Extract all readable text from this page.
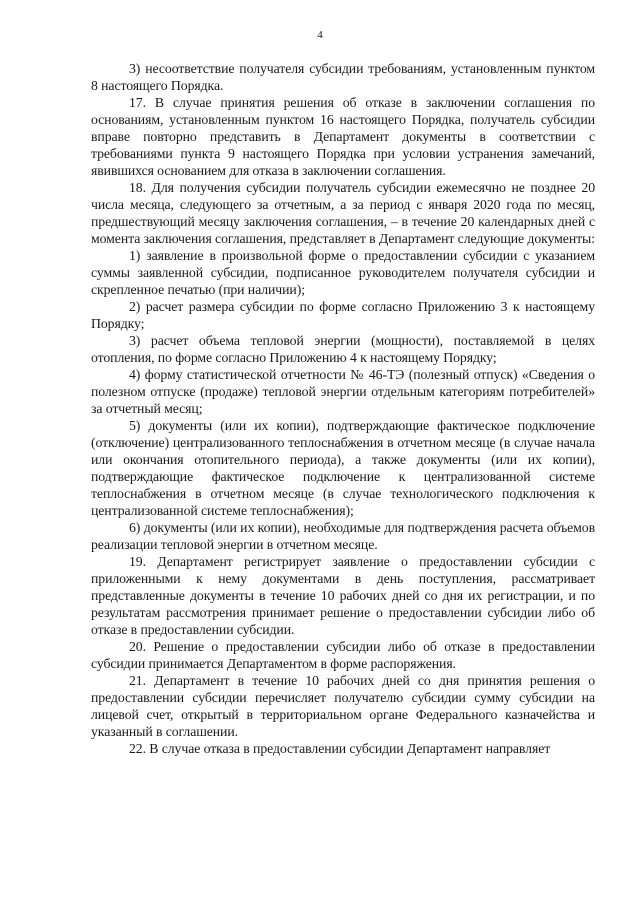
4

3) несоответствие получателя субсидии требованиям, установленным пунктом 8 настоящего Порядка.

17. В случае принятия решения об отказе в заключении соглашения по основаниям, установленным пунктом 16 настоящего Порядка, получатель субсидии вправе повторно представить в Департамент документы в соответствии с требованиями пункта 9 настоящего Порядка при условии устранения замечаний, явившихся основанием для отказа в заключении соглашения.

18. Для получения субсидии получатель субсидии ежемесячно не позднее 20 числа месяца, следующего за отчетным, а за период с января 2020 года по месяц, предшествующий месяцу заключения соглашения, – в течение 20 календарных дней с момента заключения соглашения, представляет в Департамент следующие документы:

1) заявление в произвольной форме о предоставлении субсидии с указанием суммы заявленной субсидии, подписанное руководителем получателя субсидии и скрепленное печатью (при наличии);

2) расчет размера субсидии по форме согласно Приложению 3 к настоящему Порядку;

3) расчет объема тепловой энергии (мощности), поставляемой в целях отопления, по форме согласно Приложению 4 к настоящему Порядку;

4) форму статистической отчетности № 46-ТЭ (полезный отпуск) «Сведения о полезном отпуске (продаже) тепловой энергии отдельным категориям потребителей» за отчетный месяц;

5) документы (или их копии), подтверждающие фактическое подключение (отключение) централизованного теплоснабжения в отчетном месяце (в случае начала или окончания отопительного периода), а также документы (или их копии), подтверждающие фактическое подключение к централизованной системе теплоснабжения в отчетном месяце (в случае технологического подключения к централизованной системе теплоснабжения);

6) документы (или их копии), необходимые для подтверждения расчета объемов реализации тепловой энергии в отчетном месяце.

19. Департамент регистрирует заявление о предоставлении субсидии с приложенными к нему документами в день поступления, рассматривает представленные документы в течение 10 рабочих дней со дня их регистрации, и по результатам рассмотрения принимает решение о предоставлении субсидии либо об отказе в предоставлении субсидии.

20. Решение о предоставлении субсидии либо об отказе в предоставлении субсидии принимается Департаментом в форме распоряжения.

21. Департамент в течение 10 рабочих дней со дня принятия решения о предоставлении субсидии перечисляет получателю субсидии сумму субсидии на лицевой счет, открытый в территориальном органе Федерального казначейства и указанный в соглашении.

22. В случае отказа в предоставлении субсидии Департамент направляет
